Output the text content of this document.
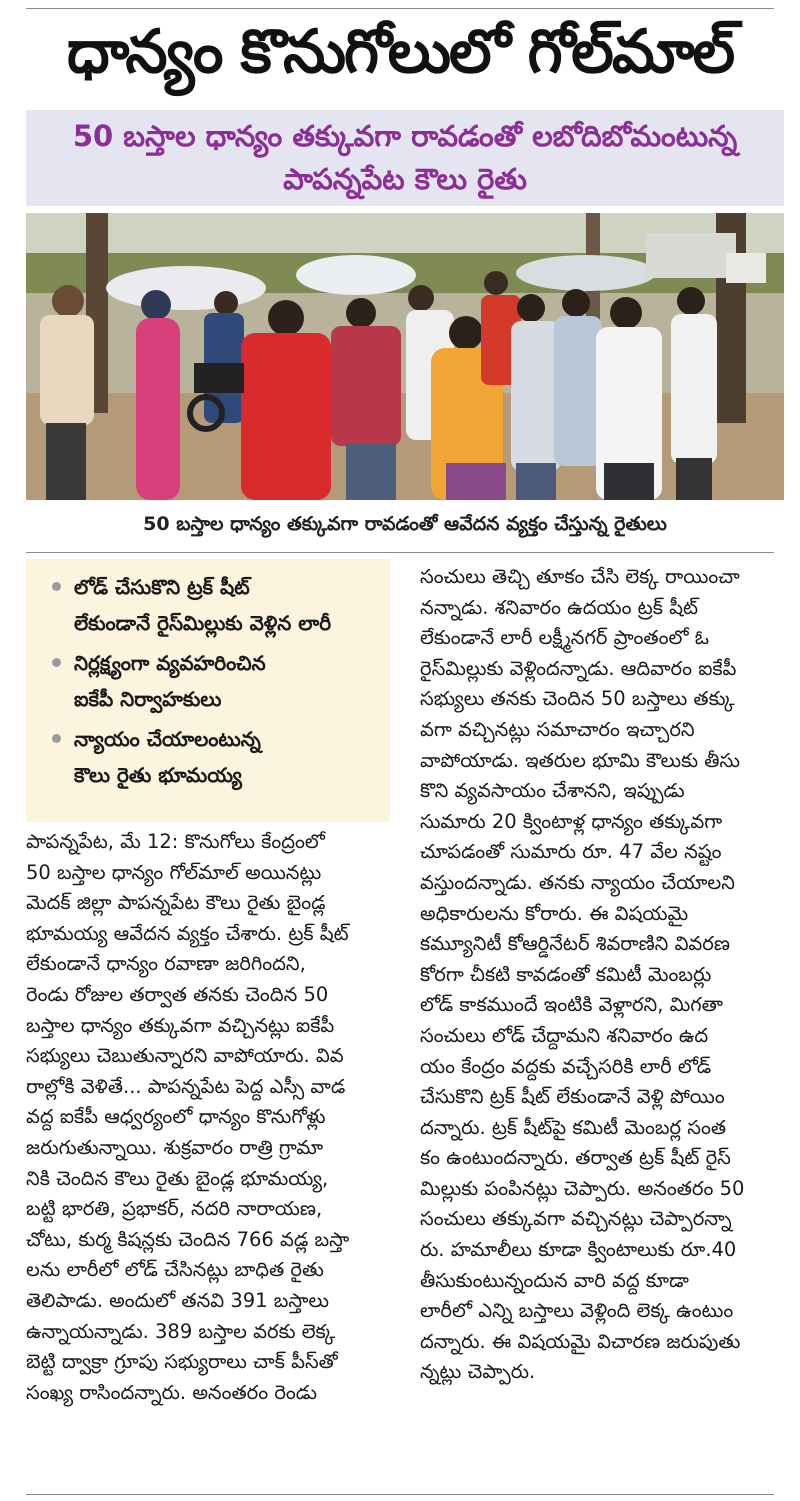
ధాన్యం కొనుగోలులో గోల్‌మాల్
50 బస్తాల ధాన్యం తక్కువగా రావడంతో లబోదిబోమంటున్న
పాపన్నపేట కౌలు రైతు
50 బస్తాల ధాన్యం తక్కువగా రావడంతో ఆవేదన వ్యక్తం చేస్తున్న రైతులు
లోడ్‌ చేసుకొని ట్రక్‌ షీట్‌
లేకుండానే రైస్‌మిల్లుకు వెళ్లిన లారీ
నిర్లక్ష్యంగా వ్యవహరించిన
ఐకేపీ నిర్వాహకులు
న్యాయం చేయాలంటున్న
కౌలు రైతు భూమయ్య
పాపన్నపేట, మే 12: కొనుగోలు కేంద్రంలో
50 బస్తాల ధాన్యం గోల్‌మాల్‌ అయినట్లు
మెదక్‌ జిల్లా పాపన్నపేట కౌలు రైతు బైండ్ల
భూమయ్య ఆవేదన వ్యక్తం చేశారు. ట్రక్‌ షీట్‌
లేకుండానే ధాన్యం రవాణా జరిగిందని,
రెండు రోజుల తర్వాత తనకు చెందిన 50
బస్తాల ధాన్యం తక్కువగా వచ్చినట్లు ఐకేపీ
సభ్యులు చెబుతున్నారని వాపోయారు. వివ
రాల్లోకి వెళితే... పాపన్నపేట పెద్ద ఎస్సీ వాడ
వద్ద ఐకేపీ ఆధ్వర్యంలో ధాన్యం కొనుగోళ్లు
జరుగుతున్నాయి. శుక్రవారం రాత్రి గ్రామా
నికి చెందిన కౌలు రైతు బైండ్ల భూమయ్య,
బట్టి భారతి, ప్రభాకర్‌, నదరి నారాయణ,
చోటు, కుర్మ కిషన్లకు చెందిన 766 వడ్ల బస్తా
లను లారీలో లోడ్‌ చేసినట్లు బాధిత రైతు
తెలిపాడు. అందులో తనవి 391 బస్తాలు
ఉన్నాయన్నాడు. 389 బస్తాల వరకు లెక్క
బెట్టి ద్వాక్రా గ్రూపు సభ్యురాలు చాక్‌ పీస్‌తో
సంఖ్య రాసిందన్నారు. అనంతరం రెండు
సంచులు తెచ్చి తూకం చేసి లెక్క రాయించా
నన్నాడు. శనివారం ఉదయం ట్రక్‌ షీట్‌
లేకుండానే లారీ లక్ష్మీనగర్‌ ప్రాంతంలో ఓ
రైస్‌మిల్లుకు వెళ్లిందన్నాడు. ఆదివారం ఐకేపీ
సభ్యులు తనకు చెందిన 50 బస్తాలు తక్కు
వగా వచ్చినట్లు సమాచారం ఇచ్చారని
వాపోయాడు. ఇతరుల భూమి కౌలుకు తీసు
కొని వ్యవసాయం చేశానని, ఇప్పుడు
సుమారు 20 క్వింటాళ్ల ధాన్యం తక్కువగా
చూపడంతో సుమారు రూ. 47 వేల నష్టం
వస్తుందన్నాడు. తనకు న్యాయం చేయాలని
అధికారులను కోరారు. ఈ విషయమై
కమ్యూనిటీ కోఆర్డినేటర్‌ శివరాణిని వివరణ
కోరగా చీకటి కావడంతో కమిటీ మెంబర్లు
లోడ్‌ కాకముందే ఇంటికి వెళ్లారని, మిగతా
సంచులు లోడ్‌ చేద్దామని శనివారం ఉద
యం కేంద్రం వద్దకు వచ్చేసరికి లారీ లోడ్‌
చేసుకొని ట్రక్‌ షీట్‌ లేకుండానే వెళ్లి పోయిం
దన్నారు. ట్రక్‌ షీట్‌పై కమిటీ మెంబర్ల సంత
కం ఉంటుందన్నారు. తర్వాత ట్రక్‌ షీట్‌ రైస్‌
మిల్లుకు పంపినట్లు చెప్పారు. అనంతరం 50
సంచులు తక్కువగా వచ్చినట్లు చెప్పారన్నా
రు. హమాలీలు కూడా క్వింటాలుకు రూ.40
తీసుకుంటున్నందున వారి వద్ద కూడా
లారీలో ఎన్ని బస్తాలు వెళ్లింది లెక్క ఉంటుం
దన్నారు. ఈ విషయమై విచారణ జరుపుతు
న్నట్లు చెప్పారు.
